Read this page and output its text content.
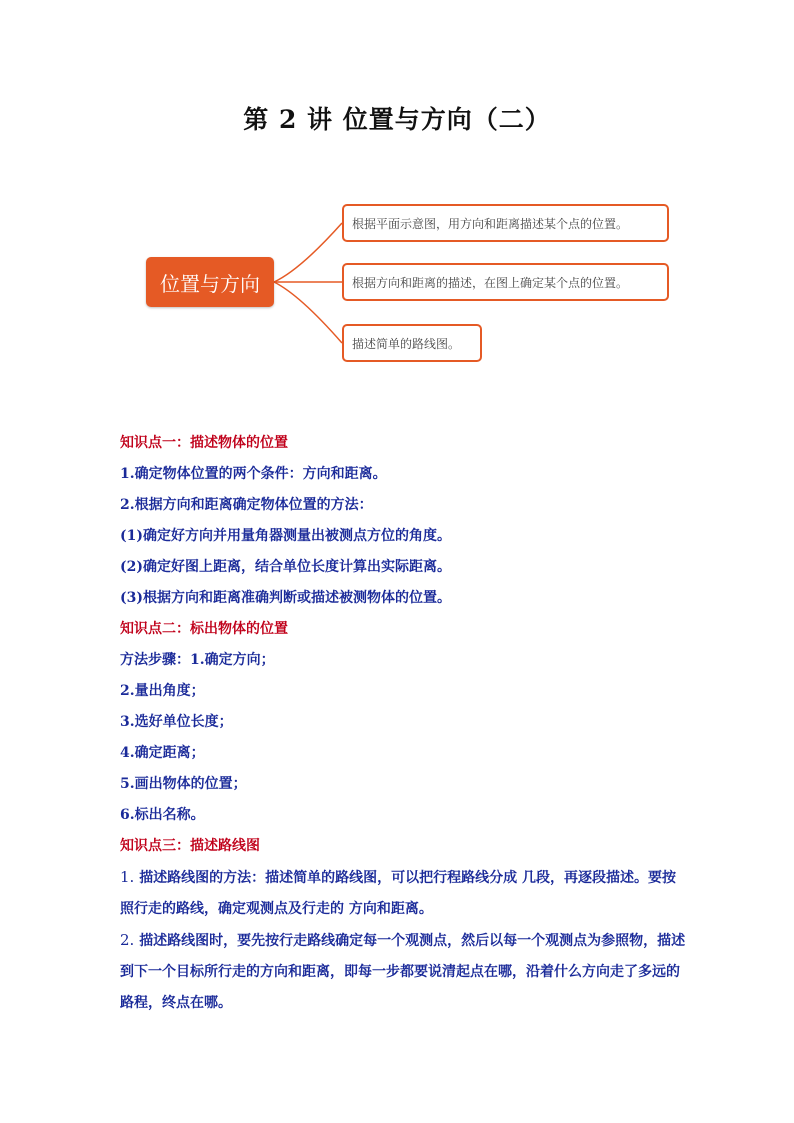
第 2 讲 位置与方向（二）
位置与方向
根据平面示意图，用方向和距离描述某个点的位置。
根据方向和距离的描述，在图上确定某个点的位置。
描述简单的路线图。
知识点一：描述物体的位置
1.确定物体位置的两个条件：方向和距离。
2.根据方向和距离确定物体位置的方法：
(1)确定好方向并用量角器测量出被测点方位的角度。
(2)确定好图上距离，结合单位长度计算出实际距离。
(3)根据方向和距离准确判断或描述被测物体的位置。
知识点二：标出物体的位置
方法步骤：1.确定方向；
2.量出角度；
3.选好单位长度；
4.确定距离；
5.画出物体的位置；
6.标出名称。
知识点三：描述路线图
1. 描述路线图的方法：描述简单的路线图，可以把行程路线分成 几段，再逐段描述。要按照行走的路线，确定观测点及行走的 方向和距离。
2. 描述路线图时，要先按行走路线确定每一个观测点，然后以每一个观测点为参照物，描述到下一个目标所行走的方向和距离，即每一步都要说清起点在哪，沿着什么方向走了多远的路程，终点在哪。
